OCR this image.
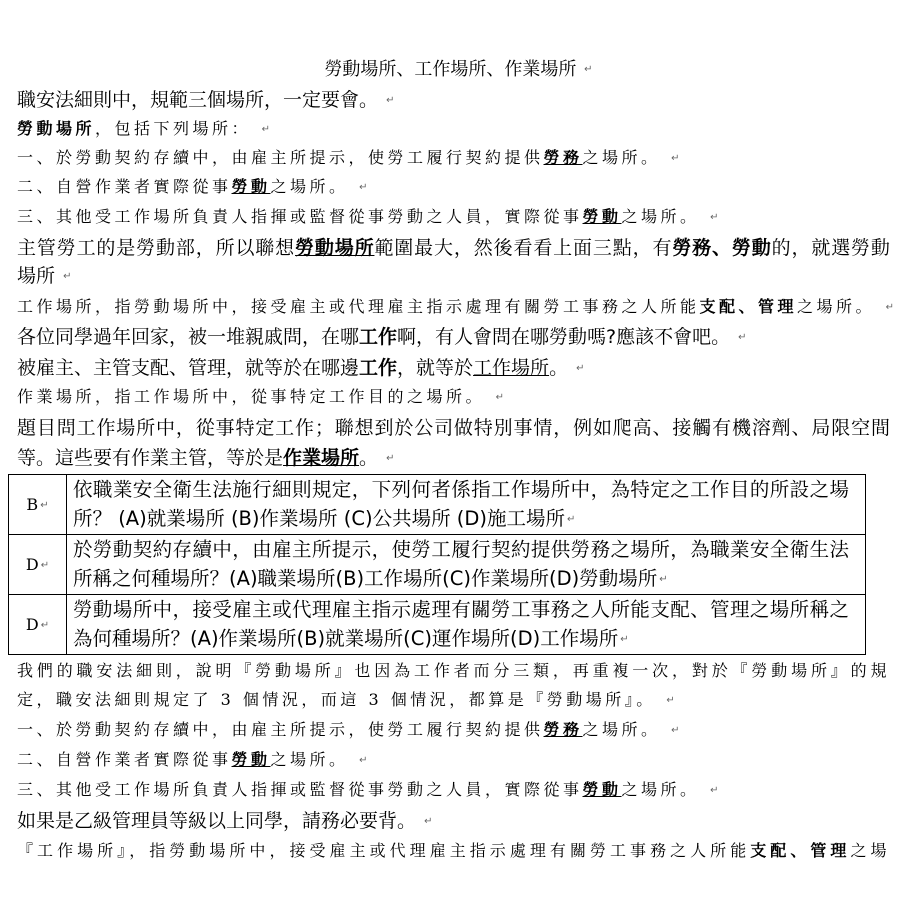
勞動場所、工作場所、作業場所 ↵
職安法細則中，規範三個場所，一定要會。 ↵
勞動場所，包括下列場所： ↵
一、於勞動契約存續中，由雇主所提示，使勞工履行契約提供勞務之場所。 ↵
二、自營作業者實際從事勞動之場所。 ↵
三、其他受工作場所負責人指揮或監督從事勞動之人員，實際從事勞動之場所。 ↵
主管勞工的是勞動部，所以聯想勞動場所範圍最大，然後看看上面三點，有勞務、勞動的，就選勞動
場所 ↵
工作場所，指勞動場所中，接受雇主或代理雇主指示處理有關勞工事務之人所能支配、管理之場所。 ↵
各位同學過年回家，被一堆親戚問，在哪工作啊，有人會問在哪勞動嗎?應該不會吧。 ↵
被雇主、主管支配、管理，就等於在哪邊工作，就等於工作場所。 ↵
作業場所，指工作場所中，從事特定工作目的之場所。 ↵
題目問工作場所中，從事特定工作；聯想到於公司做特別事情，例如爬高、接觸有機溶劑、局限空間
等。這些要有作業主管，等於是作業場所。 ↵
B ↵	依職業安全衛生法施行細則規定，下列何者係指工作場所中，為特定之工作目的所設之場所？ (A)就業場所 (B)作業場所 (C)公共場所 (D)施工場所 ↵
D ↵	於勞動契約存續中，由雇主所提示，使勞工履行契約提供勞務之場所，為職業安全衛生法所稱之何種場所？(A)職業場所(B)工作場所(C)作業場所(D)勞動場所 ↵
D ↵	勞動場所中，接受雇主或代理雇主指示處理有關勞工事務之人所能支配、管理之場所稱之為何種場所？(A)作業場所(B)就業場所(C)運作場所(D)工作場所 ↵
我們的職安法細則，說明『勞動場所』也因為工作者而分三類，再重複一次，對於『勞動場所』的規
定，職安法細則規定了 3 個情況，而這 3 個情況，都算是『勞動場所』。 ↵
一、於勞動契約存續中，由雇主所提示，使勞工履行契約提供勞務之場所。 ↵
二、自營作業者實際從事勞動之場所。 ↵
三、其他受工作場所負責人指揮或監督從事勞動之人員，實際從事勞動之場所。 ↵
如果是乙級管理員等級以上同學，請務必要背。 ↵
『工作場所』，指勞動場所中，接受雇主或代理雇主指示處理有關勞工事務之人所能支配、管理之場
